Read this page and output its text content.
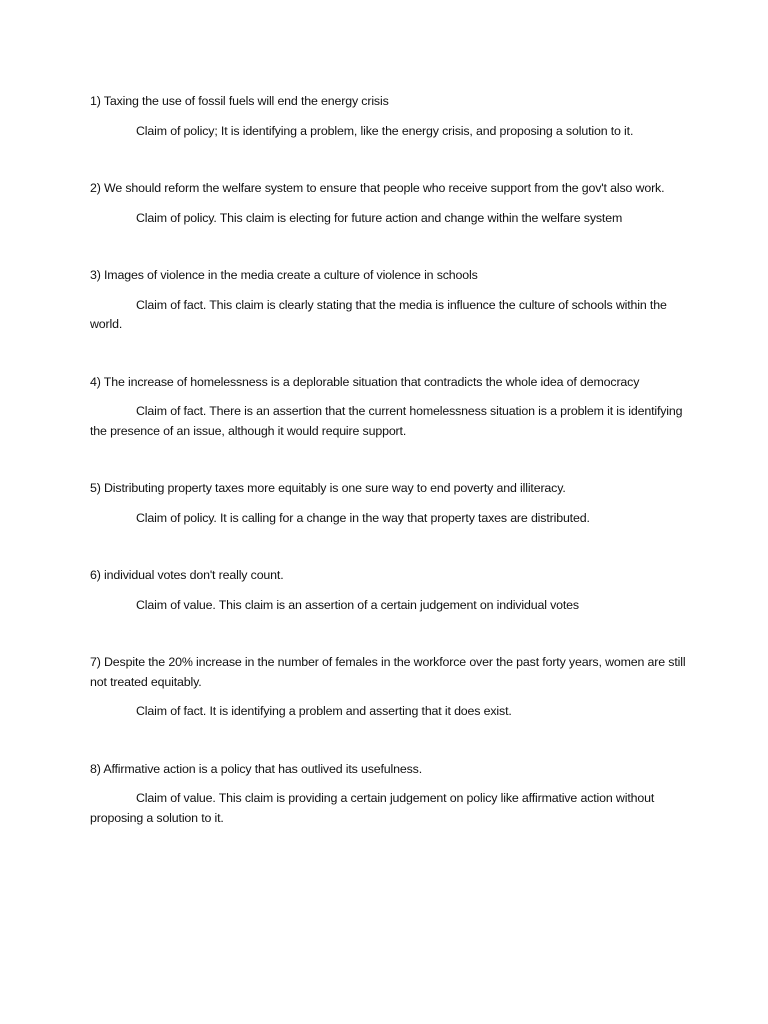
1) Taxing the use of fossil fuels will end the energy crisis

Claim of policy; It is identifying a problem, like the energy crisis, and proposing a solution to it.

2) We should reform the welfare system to ensure that people who receive support from the gov't also work.

Claim of policy. This claim is electing for future action and change within the welfare system

3) Images of violence in the media create a culture of violence in schools

Claim of fact. This claim is clearly stating that the media is influence the culture of schools within the world.

4) The increase of homelessness is a deplorable situation that contradicts the whole idea of democracy

Claim of fact. There is an assertion that the current homelessness situation is a problem it is identifying the presence of an issue, although it would require support.

5) Distributing property taxes more equitably is one sure way to end poverty and illiteracy.

Claim of policy. It is calling for a change in the way that property taxes are distributed.

6) individual votes don't really count.

Claim of value. This claim is an assertion of a certain judgement on individual votes

7) Despite the 20% increase in the number of females in the workforce over the past forty years, women are still not treated equitably.

Claim of fact. It is identifying a problem and asserting that it does exist.

8) Affirmative action is a policy that has outlived its usefulness.

Claim of value. This claim is providing a certain judgement on policy like affirmative action without proposing a solution to it.
